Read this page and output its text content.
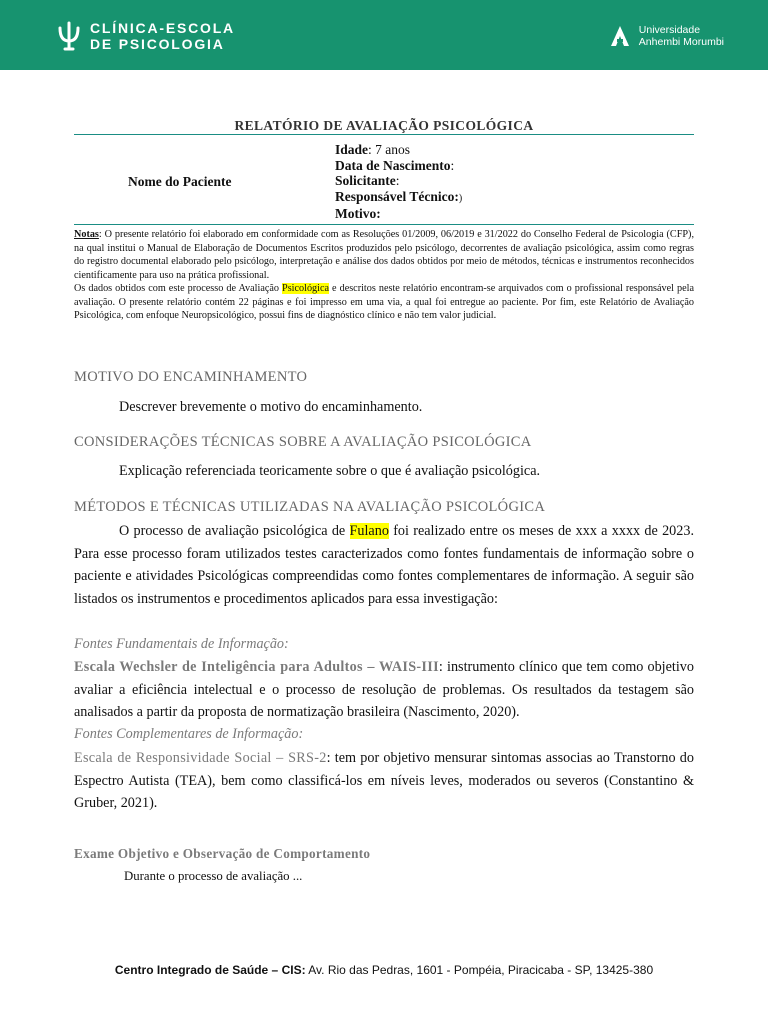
CLÍNICA-ESCOLA
DE PSICOLOGIA
Universidade
Anhembi Morumbi
RELATÓRIO DE AVALIAÇÃO PSICOLÓGICA
Nome do Paciente
Idade: 7 anos
Data de Nascimento:
Solicitante:
Responsável Técnico:)
Motivo:

Notas: O presente relatório foi elaborado em conformidade com as Resoluções 01/2009, 06/2019 e 31/2022 do Conselho Federal de Psicologia (CFP), na qual institui o Manual de Elaboração de Documentos Escritos produzidos pelo psicólogo, decorrentes de avaliação psicológica, assim como regras do registro documental elaborado pelo psicólogo, interpretação e análise dos dados obtidos por meio de métodos, técnicas e instrumentos reconhecidos cientificamente para uso na prática profissional.

Os dados obtidos com este processo de Avaliação Psicológica e descritos neste relatório encontram-se arquivados com o profissional responsável pela avaliação. O presente relatório contém 22 páginas e foi impresso em uma via, a qual foi entregue ao paciente. Por fim, este Relatório de Avaliação Psicológica, com enfoque Neuropsicológico, possui fins de diagnóstico clínico e não tem valor judicial.

MOTIVO DO ENCAMINHAMENTO
Descrever brevemente o motivo do encaminhamento.
CONSIDERAÇÕES TÉCNICAS SOBRE A AVALIAÇÃO PSICOLÓGICA
Explicação referenciada teoricamente sobre o que é avaliação psicológica.
MÉTODOS E TÉCNICAS UTILIZADAS NA AVALIAÇÃO PSICOLÓGICA
O processo de avaliação psicológica de Fulano foi realizado entre os meses de xxx a xxxx de 2023. Para esse processo foram utilizados testes caracterizados como fontes fundamentais de informação sobre o paciente e atividades Psicológicas compreendidas como fontes complementares de informação. A seguir são listados os instrumentos e procedimentos aplicados para essa investigação:
Fontes Fundamentais de Informação:
Escala Wechsler de Inteligência para Adultos – WAIS-III: instrumento clínico que tem como objetivo avaliar a eficiência intelectual e o processo de resolução de problemas. Os resultados da testagem são analisados a partir da proposta de normatização brasileira (Nascimento, 2020).
Fontes Complementares de Informação:
Escala de Responsividade Social – SRS-2: tem por objetivo mensurar sintomas associas ao Transtorno do Espectro Autista (TEA), bem como classificá-los em níveis leves, moderados ou severos (Constantino & Gruber, 2021).
Exame Objetivo e Observação de Comportamento
Durante o processo de avaliação ...
Centro Integrado de Saúde – CIS: Av. Rio das Pedras, 1601 - Pompéia, Piracicaba - SP, 13425-380
